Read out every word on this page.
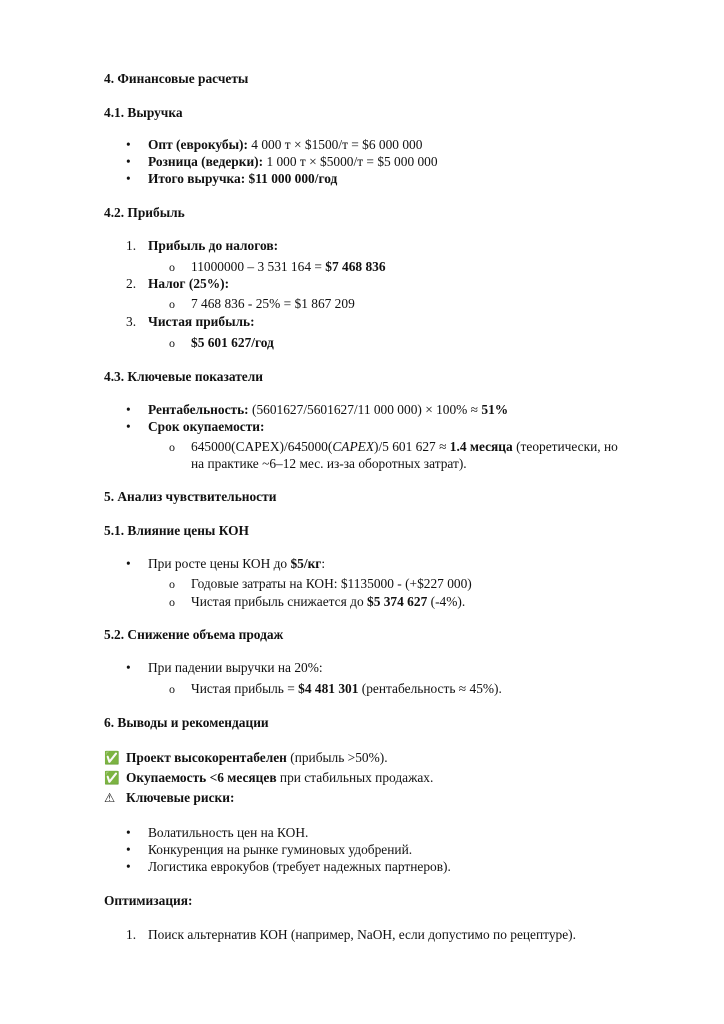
4. Финансовые расчеты
4.1. Выручка
• Опт (еврокубы): 4 000 т × $1500/т = $6 000 000
• Розница (ведерки): 1 000 т × $5000/т = $5 000 000
• Итого выручка: $11 000 000/год
4.2. Прибыль
1. Прибыль до налогов:
o 11000000 – 3 531 164 = $7 468 836
2. Налог (25%):
o 7 468 836 - 25% = $1 867 209
3. Чистая прибыль:
o $5 601 627/год
4.3. Ключевые показатели
• Рентабельность: (5601627/5601627/11 000 000) × 100% ≈ 51%
• Срок окупаемости:
o 645000(CAPEX)/645000(CAPEX)/5 601 627 ≈ 1.4 месяца (теоретически, но
на практике ~6–12 мес. из-за оборотных затрат).
5. Анализ чувствительности
5.1. Влияние цены КОН
• При росте цены КОН до $5/кг:
o Годовые затраты на КОН: $1135000 - (+$227 000)
o Чистая прибыль снижается до $5 374 627 (-4%).
5.2. Снижение объема продаж
• При падении выручки на 20%:
o Чистая прибыль = $4 481 301 (рентабельность ≈ 45%).
6. Выводы и рекомендации
✅ Проект высокорентабелен (прибыль >50%).
✅ Окупаемость <6 месяцев при стабильных продажах.
⚠ Ключевые риски:
• Волатильность цен на КОН.
• Конкуренция на рынке гуминовых удобрений.
• Логистика еврокубов (требует надежных партнеров).
Оптимизация:
1. Поиск альтернатив КОН (например, NaOH, если допустимо по рецептуре).
